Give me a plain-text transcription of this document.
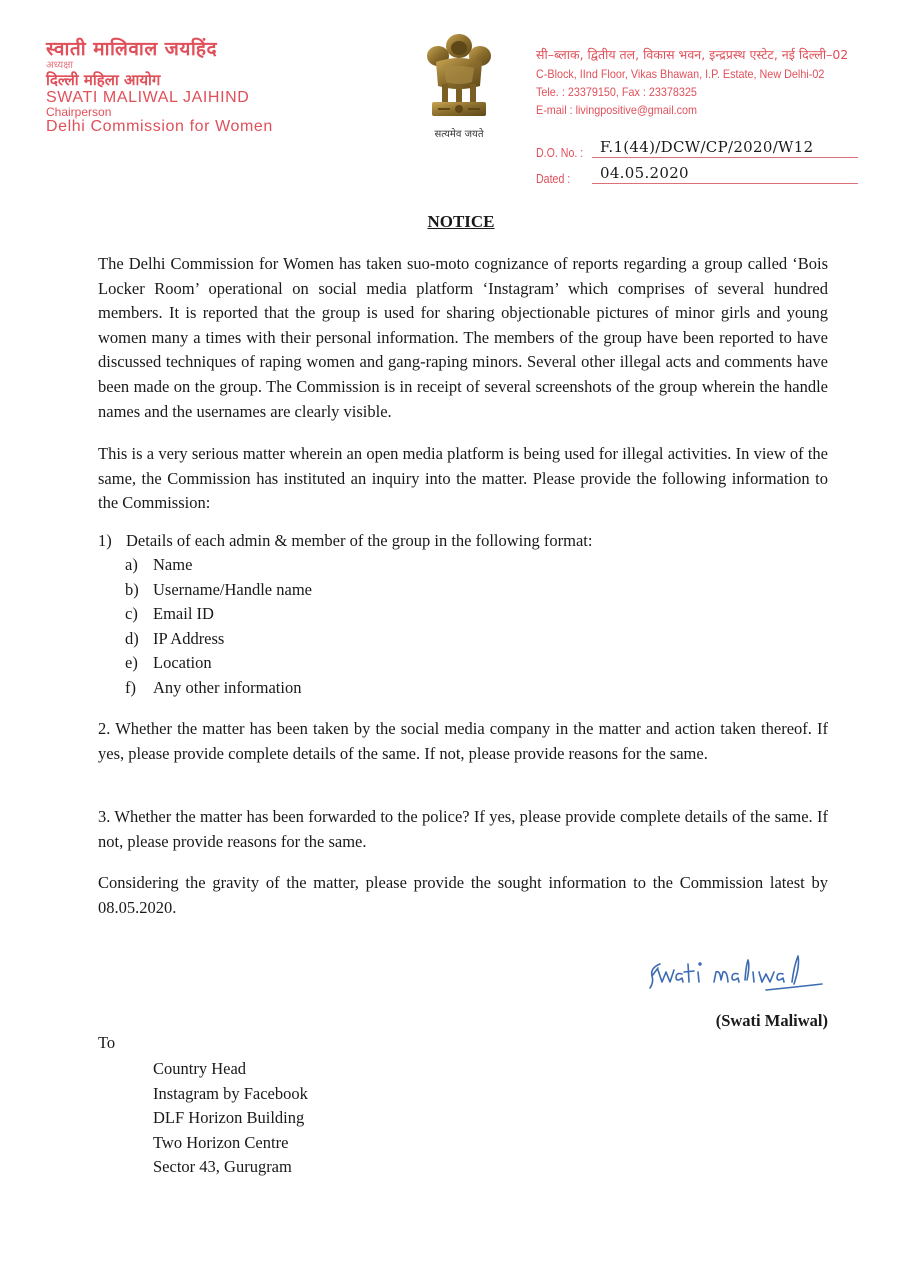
स्वाती मालिवाल जयहिंद
अध्यक्षा
दिल्ली महिला आयोग
SWATI MALIWAL JAIHIND
Chairperson
Delhi Commission for Women	सत्यमेव जयते
सी–ब्लाक, द्वितीय तल, विकास भवन, इन्द्रप्रस्थ एस्टेट, नई दिल्ली–02
C-Block, IInd Floor, Vikas Bhawan, I.P. Estate, New Delhi-02
Tele. : 23379150, Fax : 23378325
E-mail : livingpositive@gmail.com
D.O. No. : F.1(44)/DCW/CP/2020/W12
Dated : 04.05.2020
NOTICE

The Delhi Commission for Women has taken suo-moto cognizance of reports regarding a group called ‘Bois Locker Room’ operational on social media platform ‘Instagram’ which comprises of several hundred members. It is reported that the group is used for sharing objectionable pictures of minor girls and young women many a times with their personal information. The members of the group have been reported to have discussed techniques of raping women and gang-raping minors. Several other illegal acts and comments have been made on the group. The Commission is in receipt of several screenshots of the group wherein the handle names and the usernames are clearly visible.

This is a very serious matter wherein an open media platform is being used for illegal activities. In view of the same, the Commission has instituted an inquiry into the matter. Please provide the following information to the Commission:

1) Details of each admin & member of the group in the following format:
a) Name
b) Username/Handle name
c) Email ID
d) IP Address
e) Location
f) Any other information

2. Whether the matter has been taken by the social media company in the matter and action taken thereof. If yes, please provide complete details of the same. If not, please provide reasons for the same.

3. Whether the matter has been forwarded to the police? If yes, please provide complete details of the same. If not, please provide reasons for the same.

Considering the gravity of the matter, please provide the sought information to the Commission latest by 08.05.2020.

(Swati Maliwal)
To
Country Head
Instagram by Facebook
DLF Horizon Building
Two Horizon Centre
Sector 43, Gurugram
